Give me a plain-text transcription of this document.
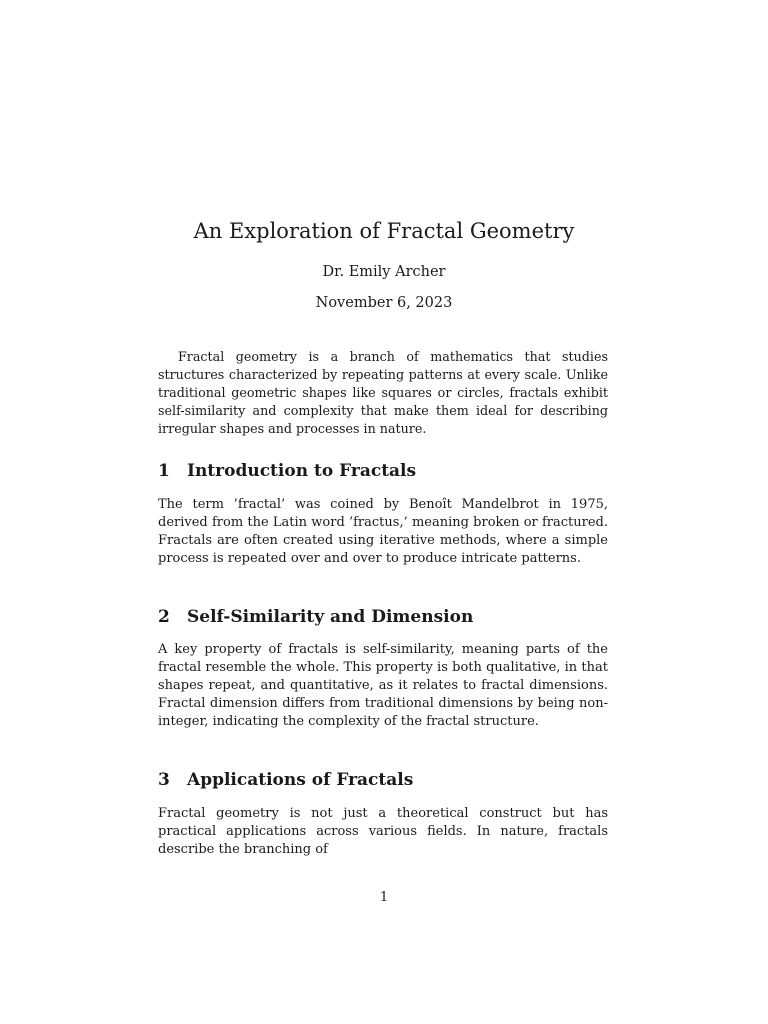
An Exploration of Fractal Geometry
Dr. Emily Archer
November 6, 2023
Fractal geometry is a branch of mathematics that studies structures characterized by repeating patterns at every scale. Unlike traditional geometric shapes like squares or circles, fractals exhibit self-similarity and complexity that make them ideal for describing irregular shapes and processes in nature.
1 Introduction to Fractals
The term ’fractal’ was coined by Benoît Mandelbrot in 1975, derived from the Latin word ’fractus,’ meaning broken or fractured. Fractals are often created using iterative methods, where a simple process is repeated over and over to produce intricate patterns.
2 Self-Similarity and Dimension
A key property of fractals is self-similarity, meaning parts of the fractal resemble the whole. This property is both qualitative, in that shapes repeat, and quantitative, as it relates to fractal dimensions. Fractal dimension differs from traditional dimensions by being non-integer, indicating the complexity of the fractal structure.
3 Applications of Fractals
Fractal geometry is not just a theoretical construct but has practical applications across various fields. In nature, fractals describe the branching of
1
